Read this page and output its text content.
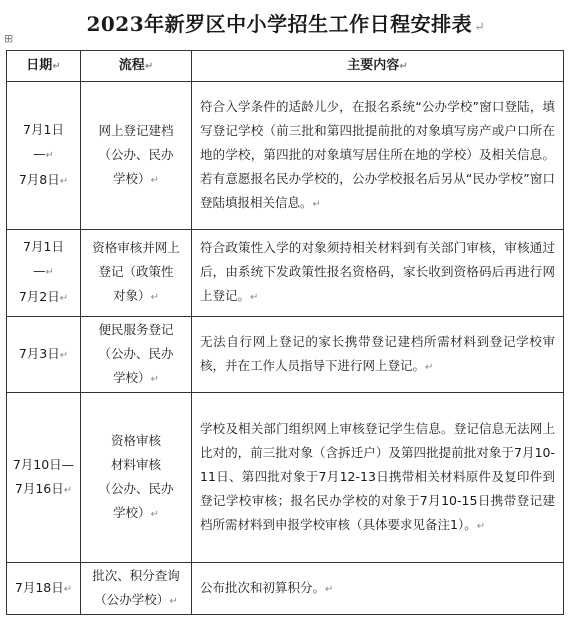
2023年新罗区中小学招生工作日程安排表 ↵
⊞
日期↵	流程↵	主要内容↵

7月1日
—↵
7月8日↵	网上登记建档
（公办、民办
学校）↵	符合入学条件的适龄儿少，在报名系统“公办学校”窗口登陆，填写登记学校（前三批和第四批提前批的对象填写房产或户口所在地的学校，第四批的对象填写居住所在地的学校）及相关信息。若有意愿报名民办学校的，公办学校报名后另从“民办学校”窗口登陆填报相关信息。↵

7月1日
—↵
7月2日↵	资格审核并网上
登记（政策性
对象）↵	符合政策性入学的对象须持相关材料到有关部门审核，审核通过后，由系统下发政策性报名资格码，家长收到资格码后再进行网上登记。↵
7月3日↵	便民服务登记
（公办、民办
学校）↵	无法自行网上登记的家长携带登记建档所需材料到登记学校审核，并在工作人员指导下进行网上登记。↵

7月10日—
7月16日↵	资格审核
材料审核
（公办、民办
学校）↵	学校及相关部门组织网上审核登记学生信息。登记信息无法网上比对的，前三批对象（含拆迁户）及第四批提前批对象于7月10-11日、第四批对象于7月12-13日携带相关材料原件及复印件到登记学校审核；报名民办学校的对象于7月10-15日携带登记建档所需材料到申报学校审核（具体要求见备注1）。↵
7月18日↵	批次、积分查询
（公办学校）↵	公布批次和初算积分。↵
